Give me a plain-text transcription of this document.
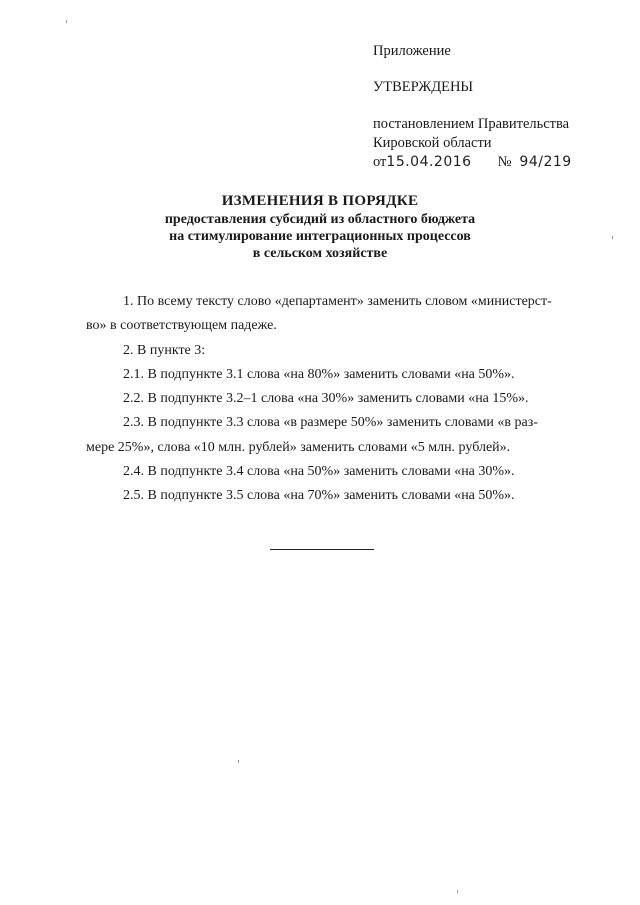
Приложение
УТВЕРЖДЕНЫ
постановлением Правительства
Кировской области
от 15.04.2016 № 94/219
ИЗМЕНЕНИЯ В ПОРЯДКЕ
предоставления субсидий из областного бюджета
на стимулирование интеграционных процессов
в сельском хозяйстве

1. По всему тексту слово «департамент» заменить словом «министерст-

во» в соответствующем падеже.

2. В пункте 3:

2.1. В подпункте 3.1 слова «на 80%» заменить словами «на 50%».

2.2. В подпункте 3.2–1 слова «на 30%» заменить словами «на 15%».

2.3. В подпункте 3.3 слова «в размере 50%» заменить словами «в раз-

мере 25%», слова «10 млн. рублей» заменить словами «5 млн. рублей».

2.4. В подпункте 3.4 слова «на 50%» заменить словами «на 30%».

2.5. В подпункте 3.5 слова «на 70%» заменить словами «на 50%».
